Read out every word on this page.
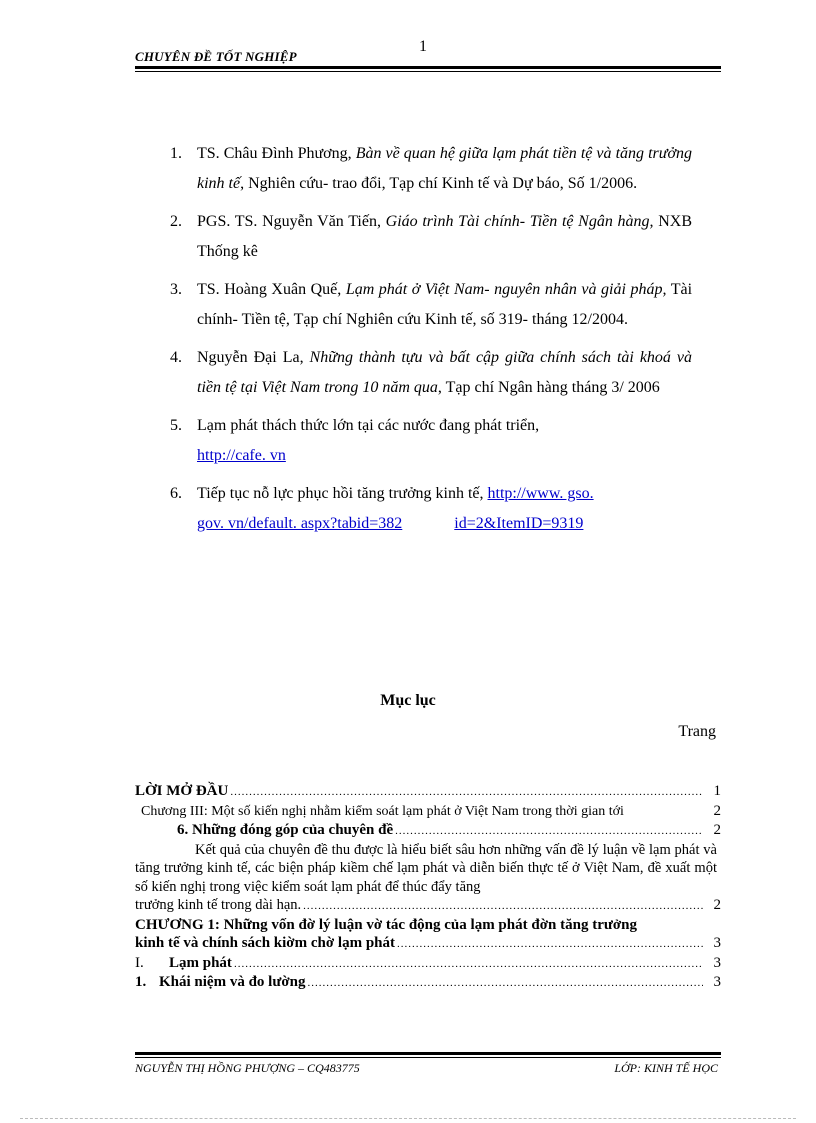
CHUYÊN ĐỀ TỐT NGHIỆP
1
1. TS. Châu Đình Phương, Bàn về quan hệ giữa lạm phát tiền tệ và tăng trưởng kinh tế, Nghiên cứu- trao đổi, Tạp chí Kinh tế và Dự báo, Số 1/2006.
2. PGS. TS. Nguyễn Văn Tiến, Giáo trình Tài chính- Tiền tệ Ngân hàng, NXB Thống kê
3. TS. Hoàng Xuân Quế, Lạm phát ở Việt Nam- nguyên nhân và giải pháp, Tài chính- Tiền tệ, Tạp chí Nghiên cứu Kinh tế, số 319- tháng 12/2004.
4. Nguyễn Đại La, Những thành tựu và bất cập giữa chính sách tài khoá và tiền tệ tại Việt Nam trong 10 năm qua, Tạp chí Ngân hàng tháng 3/ 2006
5. Lạm phát thách thức lớn tại các nước đang phát triển,
http://cafe. vn
6. Tiếp tục nỗ lực phục hồi tăng trưởng kinh tế, http://www. gso.
gov. vn/default. aspx?tabid=382	id=2&ItemID=9319
Mục lục
Trang
LỜI MỞ ĐẦU .....	1
Chương III: Một số kiến nghị nhằm kiểm soát lạm phát ở Việt Nam trong thời gian tới	2
6. Những đóng góp của chuyên đề .....	2
Kết quả của chuyên đề thu được là hiểu biết sâu hơn những vấn đề lý luận về lạm phát và tăng trưởng kinh tế, các biện pháp kiềm chế lạm phát và diễn biến thực tế ở Việt Nam, đề xuất một số kiến nghị trong việc kiểm soát lạm phát để thúc đẩy tăng
trưởng kinh tế trong dài hạn. .....	2
CHƯƠNG 1: Những vốn đờ lý luận vờ tác động của lạm phát đờn tăng trưởng
kinh tế và chính sách kiờm chờ lạm phát .....	3
I.	Lạm phát .....	3
1. Khái niệm và đo lường .....	3
NGUYỄN THỊ HỒNG PHƯỢNG – CQ483775	LỚP: KINH TẾ HỌC
